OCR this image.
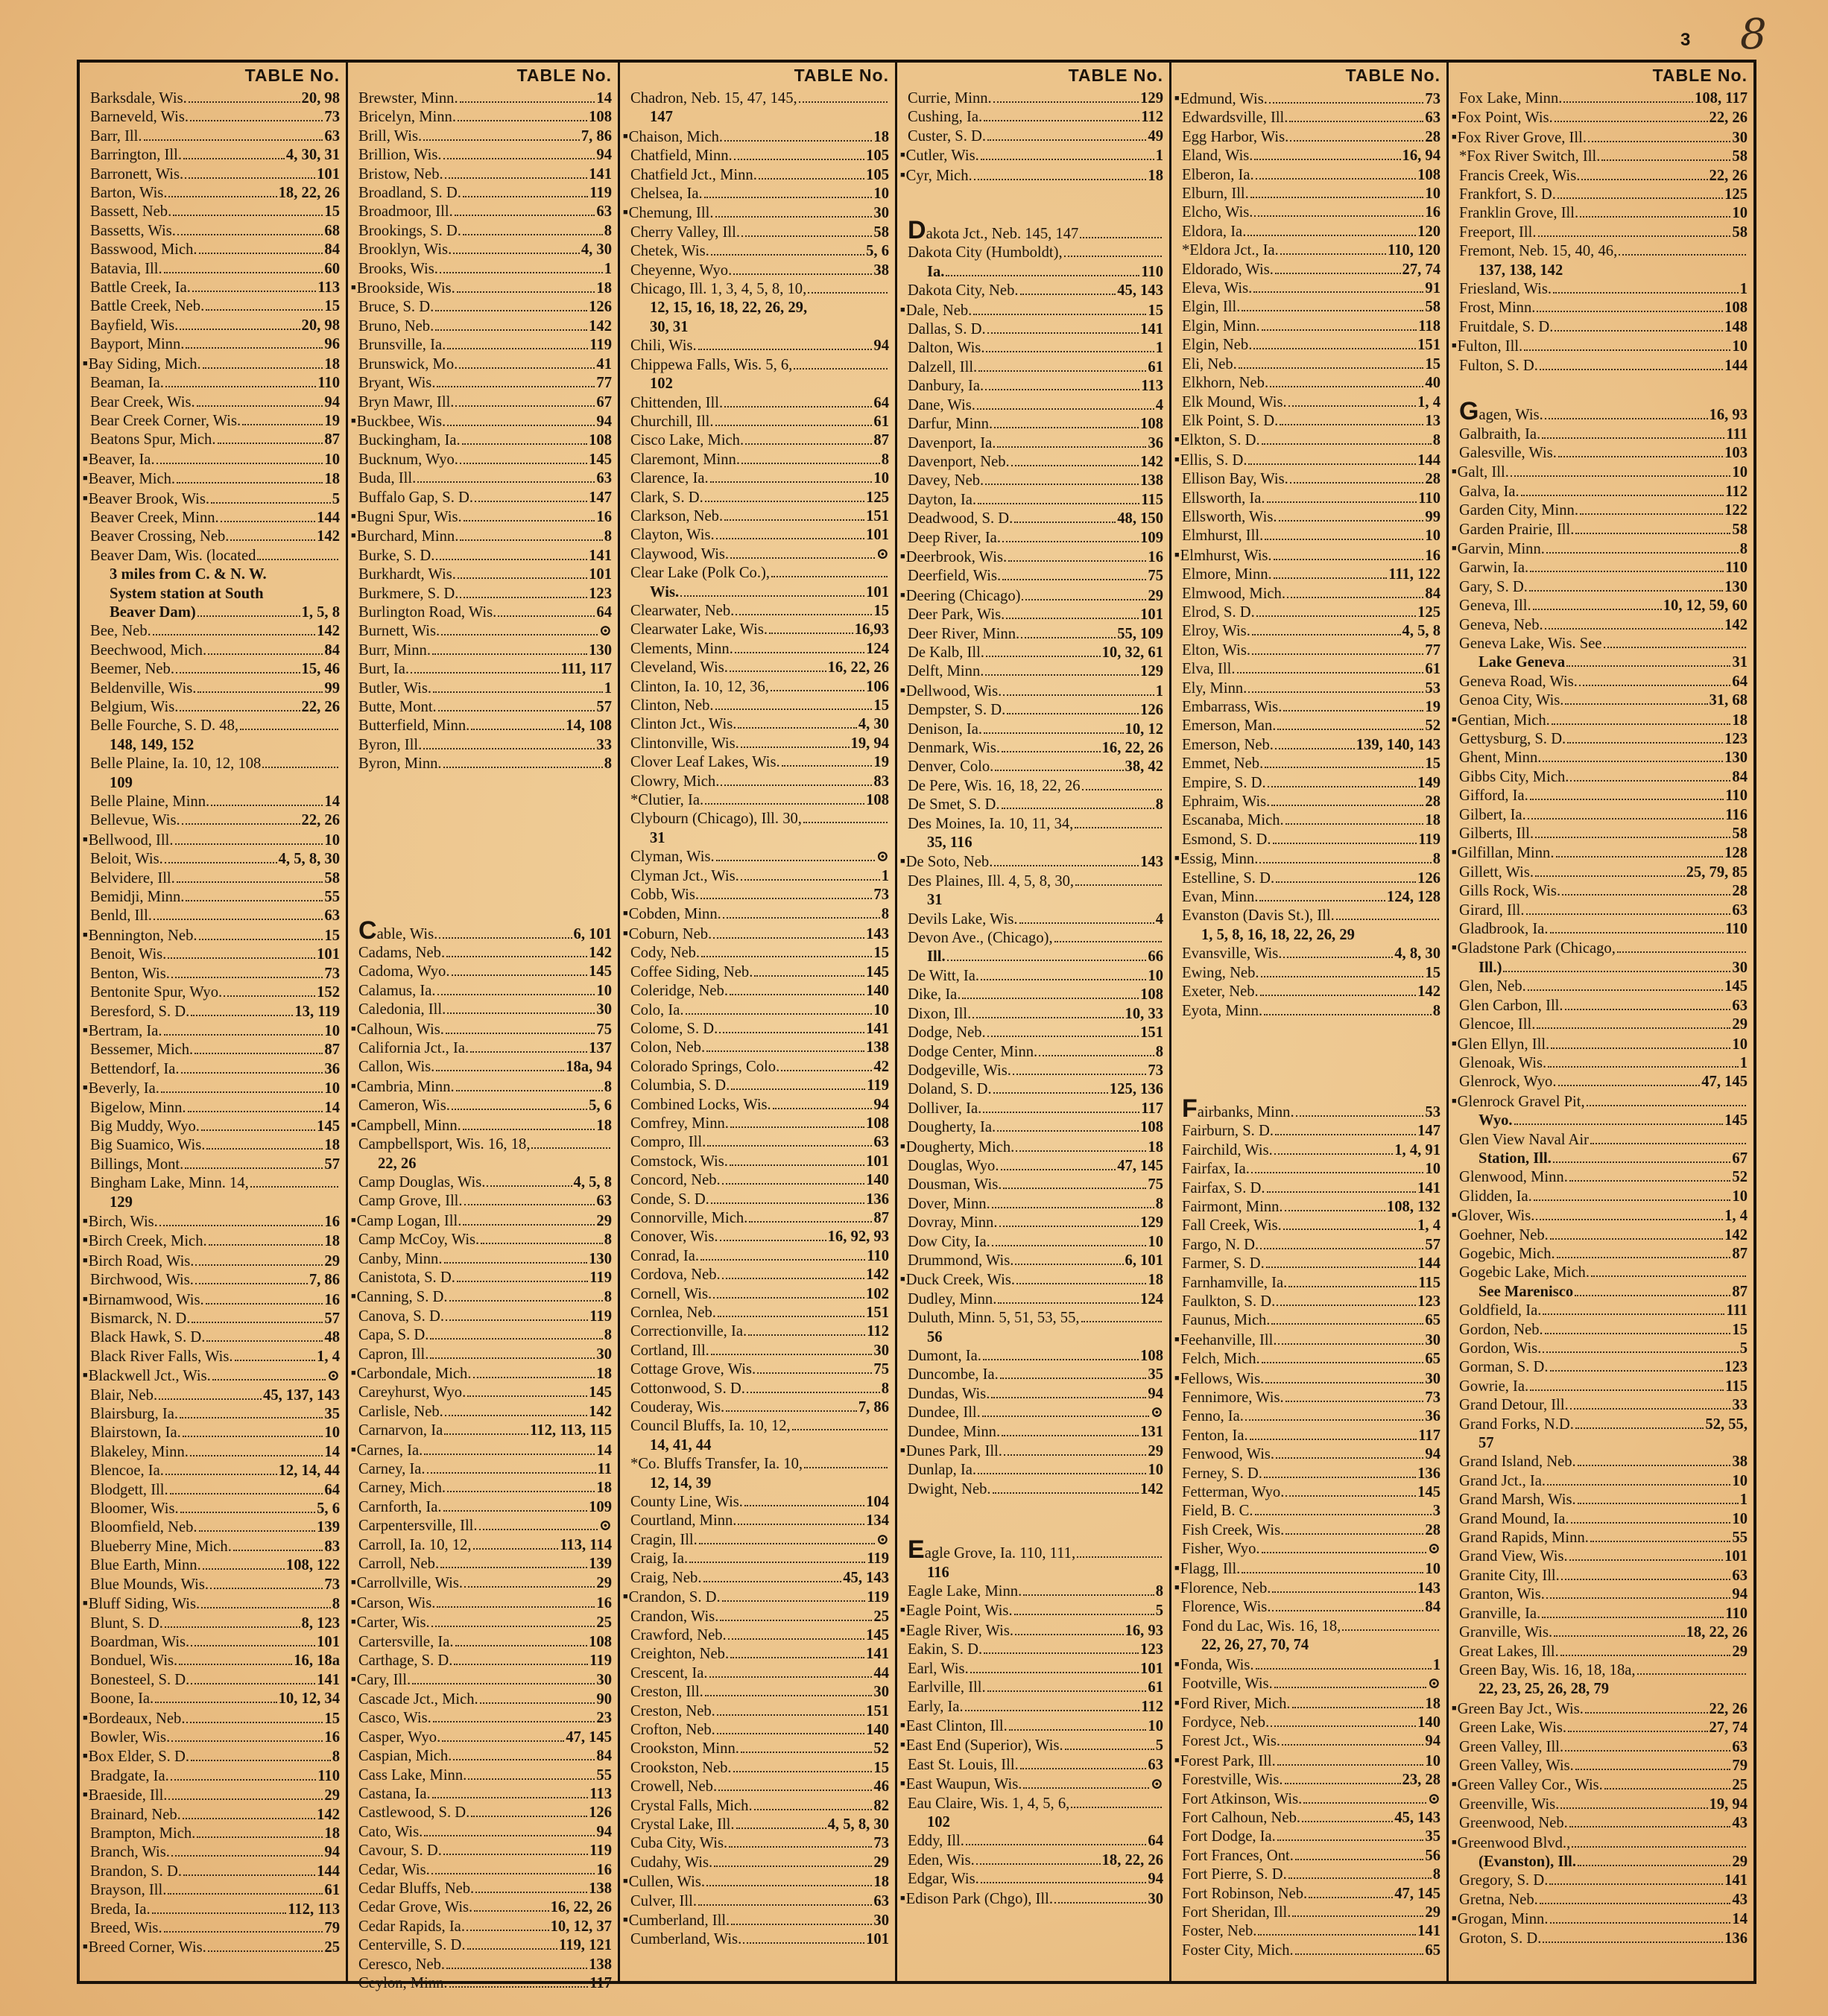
3 8
TABLE No.
Barksdale, Wis.	20, 98
Barneveld, Wis.	73
Barr, Ill.	63
Barrington, Ill.	4, 30, 31
Barronett, Wis.	101
Barton, Wis.	18, 22, 26
Bassett, Neb.	15
Bassetts, Wis.	68
Basswood, Mich.	84
Batavia, Ill.	60
Battle Creek, Ia.	113
Battle Creek, Neb.	15
Bayfield, Wis.	20, 98
Bayport, Minn.	96
■ Bay Siding, Mich.	18
Beaman, Ia.	110
Bear Creek, Wis.	94
Bear Creek Corner, Wis.	19
Beatons Spur, Mich.	87
■ Beaver, Ia.	10
■ Beaver, Mich.	18
■ Beaver Brook, Wis.	5
Beaver Creek, Minn.	144
Beaver Crossing, Neb.	142
Beaver Dam, Wis. (located
3 miles from C. & N. W.
System station at South
Beaver Dam)	1, 5, 8
Bee, Neb.	142
Beechwood, Mich.	84
Beemer, Neb.	15, 46
Beldenville, Wis.	99
Belgium, Wis.	22, 26
Belle Fourche, S. D. 48,
148, 149, 152
Belle Plaine, Ia. 10, 12, 108
109
Belle Plaine, Minn.	14
Bellevue, Wis.	22, 26
■ Bellwood, Ill.	10
Beloit, Wis.	4, 5, 8, 30
Belvidere, Ill.	58
Bemidji, Minn.	55
Benld, Ill.	63
■ Bennington, Neb.	15
Benoit, Wis.	101
Benton, Wis.	73
Bentonite Spur, Wyo.	152
Beresford, S. D.	13, 119
■ Bertram, Ia.	10
Bessemer, Mich.	87
Bettendorf, Ia.	36
■ Beverly, Ia.	10
Bigelow, Minn.	14
Big Muddy, Wyo.	145
Big Suamico, Wis.	18
Billings, Mont.	57
Bingham Lake, Minn. 14,
129
■ Birch, Wis.	16
■ Birch Creek, Mich.	18
■ Birch Road, Wis.	29
Birchwood, Wis.	7, 86
■ Birnamwood, Wis.	16
Bismarck, N. D.	57
Black Hawk, S. D.	48
Black River Falls, Wis.	1, 4
■ Blackwell Jct., Wis.	⊙
Blair, Neb.	45, 137, 143
Blairsburg, Ia.	35
Blairstown, Ia.	10
Blakeley, Minn.	14
Blencoe, Ia.	12, 14, 44
Blodgett, Ill.	64
Bloomer, Wis.	5, 6
Bloomfield, Neb.	139
Blueberry Mine, Mich.	83
Blue Earth, Minn.	108, 122
Blue Mounds, Wis.	73
■ Bluff Siding, Wis.	8
Blunt, S. D.	8, 123
Boardman, Wis.	101
Bonduel, Wis.	16, 18a
Bonesteel, S. D.	141
Boone, Ia.	10, 12, 34
■ Bordeaux, Neb.	15
Bowler, Wis.	16
■ Box Elder, S. D.	8
Bradgate, Ia.	110
■ Braeside, Ill.	29
Brainard, Neb.	142
Brampton, Mich.	18
Branch, Wis.	94
Brandon, S. D.	144
Brayson, Ill.	61
Breda, Ia.	112, 113
Breed, Wis.	79
■ Breed Corner, Wis.	25
TABLE No.
Brewster, Minn.	14
Bricelyn, Minn.	108
Brill, Wis.	7, 86
Brillion, Wis.	94
Bristow, Neb.	141
Broadland, S. D.	119
Broadmoor, Ill.	63
Brookings, S. D.	8
Brooklyn, Wis.	4, 30
Brooks, Wis.	1
■ Brookside, Wis.	18
Bruce, S. D.	126
Bruno, Neb.	142
Brunsville, Ia.	119
Brunswick, Mo.	41
Bryant, Wis.	77
Bryn Mawr, Ill.	67
■ Buckbee, Wis.	94
Buckingham, Ia.	108
Bucknum, Wyo.	145
Buda, Ill.	63
Buffalo Gap, S. D.	147
■ Bugni Spur, Wis.	16
■ Burchard, Minn.	8
Burke, S. D.	141
Burkhardt, Wis.	101
Burkmere, S. D.	123
Burlington Road, Wis.	64
Burnett, Wis.	⊙
Burr, Minn.	130
Burt, Ia.	111, 117
Butler, Wis.	1
Butte, Mont.	57
Butterfield, Minn.	14, 108
Byron, Ill.	33
Byron, Minn.	8
Cable, Wis.	6, 101
Cadams, Neb.	142
Cadoma, Wyo.	145
Calamus, Ia.	10
Caledonia, Ill.	30
■ Calhoun, Wis.	75
California Jct., Ia.	137
Callon, Wis.	18a, 94
■ Cambria, Minn.	8
Cameron, Wis.	5, 6
■ Campbell, Minn.	18
Campbellsport, Wis. 16, 18,
22, 26
Camp Douglas, Wis.	4, 5, 8
Camp Grove, Ill.	63
■ Camp Logan, Ill.	29
Camp McCoy, Wis.	8
Canby, Minn.	130
Canistota, S. D.	119
■ Canning, S. D.	8
Canova, S. D.	119
Capa, S. D.	8
Capron, Ill.	30
■ Carbondale, Mich.	18
Careyhurst, Wyo.	145
Carlisle, Neb.	142
Carnarvon, Ia	112, 113, 115
■ Carnes, Ia.	14
Carney, Ia.	11
Carney, Mich.	18
Carnforth, Ia.	109
Carpentersville, Ill.	⊙
Carroll, Ia. 10, 12,	113, 114
Carroll, Neb.	139
■ Carrollville, Wis.	29
■ Carson, Wis.	16
■ Carter, Wis.	25
Cartersville, Ia.	108
Carthage, S. D.	119
■ Cary, Ill.	30
Cascade Jct., Mich.	90
Casco, Wis.	23
Casper, Wyo.	47, 145
Caspian, Mich.	84
Cass Lake, Minn.	55
Castana, Ia.	113
Castlewood, S. D.	126
Cato, Wis.	94
Cavour, S. D.	119
Cedar, Wis.	16
Cedar Bluffs, Neb.	138
Cedar Grove, Wis.	16, 22, 26
Cedar Rapids, Ia.	10, 12, 37
Centerville, S. D.	119, 121
Ceresco, Neb.	138
Ceylon, Minn.	117
TABLE No.
Chadron, Neb. 15, 47, 145,
147
■ Chaison, Mich.	18
Chatfield, Minn.	105
Chatfield Jct., Minn.	105
Chelsea, Ia.	10
■ Chemung, Ill.	30
Cherry Valley, Ill.	58
Chetek, Wis.	5, 6
Cheyenne, Wyo.	38
Chicago, Ill. 1, 3, 4, 5, 8, 10,
12, 15, 16, 18, 22, 26, 29,
30, 31
Chili, Wis.	94
Chippewa Falls, Wis. 5, 6,
102
Chittenden, Ill.	64
Churchill, Ill.	61
Cisco Lake, Mich.	87
Claremont, Minn.	8
Clarence, Ia.	10
Clark, S. D.	125
Clarkson, Neb.	151
Clayton, Wis.	101
Claywood, Wis.	⊙
Clear Lake (Polk Co.),
Wis.	101
Clearwater, Neb.	15
Clearwater Lake, Wis.	16,93
Clements, Minn.	124
Cleveland, Wis.	16, 22, 26
Clinton, Ia. 10, 12, 36,	106
Clinton, Neb.	15
Clinton Jct., Wis.	4, 30
Clintonville, Wis.	19, 94
Clover Leaf Lakes, Wis.	19
Clowry, Mich.	83
*Clutier, Ia.	108
Clybourn (Chicago), Ill. 30,
31
Clyman, Wis.	⊙
Clyman Jct., Wis.	1
Cobb, Wis.	73
■ Cobden, Minn.	8
■ Coburn, Neb.	143
Cody, Neb.	15
Coffee Siding, Neb.	145
Coleridge, Neb.	140
Colo, Ia.	10
Colome, S. D.	141
Colon, Neb.	138
Colorado Springs, Colo.	42
Columbia, S. D.	119
Combined Locks, Wis.	94
Comfrey, Minn.	108
Compro, Ill.	63
Comstock, Wis.	101
Concord, Neb.	140
Conde, S. D.	136
Connorville, Mich.	87
Conover, Wis.	16, 92, 93
Conrad, Ia.	110
Cordova, Neb.	142
Cornell, Wis.	102
Cornlea, Neb.	151
Correctionville, Ia.	112
Cortland, Ill.	30
Cottage Grove, Wis.	75
Cottonwood, S. D.	8
Couderay, Wis.	7, 86
Council Bluffs, Ia. 10, 12,
14, 41, 44
*Co. Bluffs Transfer, Ia. 10,
12, 14, 39
County Line, Wis.	104
Courtland, Minn.	134
Cragin, Ill.	⊙
Craig, Ia.	119
Craig, Neb.	45, 143
■ Crandon, S. D.	119
Crandon, Wis.	25
Crawford, Neb.	145
Creighton, Neb.	141
Crescent, Ia.	44
Creston, Ill.	30
Creston, Neb.	151
Crofton, Neb.	140
Crookston, Minn.	52
Crookston, Neb.	15
Crowell, Neb.	46
Crystal Falls, Mich.	82
Crystal Lake, Ill.	4, 5, 8, 30
Cuba City, Wis.	73
Cudahy, Wis.	29
■ Cullen, Wis.	18
Culver, Ill.	63
■ Cumberland, Ill.	30
Cumberland, Wis.	101
TABLE No.
Currie, Minn.	129
Cushing, Ia.	112
Custer, S. D.	49
■ Cutler, Wis.	1
■ Cyr, Mich.	18
Dakota Jct., Neb. 145, 147
Dakota City (Humboldt),
Ia.	110
Dakota City, Neb.	45, 143
■ Dale, Neb.	15
Dallas, S. D.	141
Dalton, Wis.	1
Dalzell, Ill.	61
Danbury, Ia.	113
Dane, Wis.	4
Darfur, Minn.	108
Davenport, Ia.	36
Davenport, Neb.	142
Davey, Neb.	138
Dayton, Ia.	115
Deadwood, S. D.	48, 150
Deep River, Ia.	109
■ Deerbrook, Wis.	16
Deerfield, Wis.	75
■ Deering (Chicago)	29
Deer Park, Wis.	101
Deer River, Minn.	55, 109
De Kalb, Ill.	10, 32, 61
Delft, Minn.	129
■ Dellwood, Wis.	1
Dempster, S. D.	126
Denison, Ia.	10, 12
Denmark, Wis.	16, 22, 26
Denver, Colo.	38, 42
De Pere, Wis. 16, 18, 22, 26
De Smet, S. D.	8
Des Moines, Ia. 10, 11, 34,
35, 116
■ De Soto, Neb.	143
Des Plaines, Ill. 4, 5, 8, 30,
31
Devils Lake, Wis.	4
Devon Ave., (Chicago),
Ill.	66
De Witt, Ia.	10
Dike, Ia.	108
Dixon, Ill.	10, 33
Dodge, Neb.	151
Dodge Center, Minn.	8
Dodgeville, Wis.	73
Doland, S. D.	125, 136
Dolliver, Ia.	117
Dougherty, Ia.	108
■ Dougherty, Mich.	18
Douglas, Wyo.	47, 145
Dousman, Wis.	75
Dover, Minn.	8
Dovray, Minn.	129
Dow City, Ia.	10
Drummond, Wis.	6, 101
■ Duck Creek, Wis.	18
Dudley, Minn.	124
Duluth, Minn. 5, 51, 53, 55,
56
Dumont, Ia.	108
Duncombe, Ia.	35
Dundas, Wis.	94
Dundee, Ill.	⊙
Dundee, Minn.	131
■ Dunes Park, Ill.	29
Dunlap, Ia.	10
Dwight, Neb.	142
Eagle Grove, Ia. 110, 111,
116
Eagle Lake, Minn.	8
■ Eagle Point, Wis.	5
■ Eagle River, Wis.	16, 93
Eakin, S. D.	123
Earl, Wis.	101
Earlville, Ill.	61
Early, Ia.	112
■ East Clinton, Ill.	10
■ East End (Superior), Wis.	5
East St. Louis, Ill.	63
■ East Waupun, Wis.	⊙
Eau Claire, Wis. 1, 4, 5, 6,
102
Eddy, Ill.	64
Eden, Wis.	18, 22, 26
Edgar, Wis.	94
■ Edison Park (Chgo), Ill.	30
TABLE No.
■ Edmund, Wis.	73
Edwardsville, Ill.	63
Egg Harbor, Wis.	28
Eland, Wis.	16, 94
Elberon, Ia.	108
Elburn, Ill.	10
Elcho, Wis.	16
Eldora, Ia.	120
*Eldora Jct., Ia.	110, 120
Eldorado, Wis.	27, 74
Eleva, Wis.	91
Elgin, Ill.	58
Elgin, Minn.	118
Elgin, Neb.	151
Eli, Neb.	15
Elkhorn, Neb.	40
Elk Mound, Wis.	1, 4
Elk Point, S. D.	13
■ Elkton, S. D.	8
■ Ellis, S. D.	144
Ellison Bay, Wis.	28
Ellsworth, Ia.	110
Ellsworth, Wis.	99
Elmhurst, Ill.	10
■ Elmhurst, Wis.	16
Elmore, Minn.	111, 122
Elmwood, Mich.	84
Elrod, S. D.	125
Elroy, Wis.	4, 5, 8
Elton, Wis.	77
Elva, Ill.	61
Ely, Minn.	53
Embarrass, Wis.	19
Emerson, Man.	52
Emerson, Neb.	139, 140, 143
Emmet, Neb.	15
Empire, S. D.	149
Ephraim, Wis.	28
Escanaba, Mich.	18
Esmond, S. D.	119
■ Essig, Minn.	8
Estelline, S. D.	126
Evan, Minn.	124, 128
Evanston (Davis St.), Ill.
1, 5, 8, 16, 18, 22, 26, 29
Evansville, Wis.	4, 8, 30
Ewing, Neb.	15
Exeter, Neb.	142
Eyota, Minn.	8
Fairbanks, Minn.	53
Fairburn, S. D.	147
Fairchild, Wis.	1, 4, 91
Fairfax, Ia.	10
Fairfax, S. D.	141
Fairmont, Minn.	108, 132
Fall Creek, Wis.	1, 4
Fargo, N. D.	57
Farmer, S. D.	144
Farnhamville, Ia.	115
Faulkton, S. D.	123
Faunus, Mich.	65
■ Feehanville, Ill.	30
Felch, Mich.	65
■ Fellows, Wis.	30
Fennimore, Wis.	73
Fenno, Ia.	36
Fenton, Ia.	117
Fenwood, Wis.	94
Ferney, S. D.	136
Fetterman, Wyo.	145
Field, B. C.	3
Fish Creek, Wis.	28
Fisher, Wyo.	⊙
■ Flagg, Ill.	10
■ Florence, Neb.	143
Florence, Wis.	84
Fond du Lac, Wis. 16, 18,
22, 26, 27, 70, 74
■ Fonda, Wis.	1
Footville, Wis.	⊙
■ Ford River, Mich.	18
Fordyce, Neb.	140
Forest Jct., Wis.	94
■ Forest Park, Ill.	10
Forestville, Wis.	23, 28
Fort Atkinson, Wis.	⊙
Fort Calhoun, Neb.	45, 143
Fort Dodge, Ia.	35
Fort Frances, Ont.	56
Fort Pierre, S. D.	8
Fort Robinson, Neb.	47, 145
Fort Sheridan, Ill.	29
Foster, Neb.	141
Foster City, Mich.	65
TABLE No.
Fox Lake, Minn.	108, 117
■ Fox Point, Wis.	22, 26
■ Fox River Grove, Ill.	30
*Fox River Switch, Ill.	58
Francis Creek, Wis.	22, 26
Frankfort, S. D.	125
Franklin Grove, Ill.	10
Freeport, Ill.	58
Fremont, Neb. 15, 40, 46,
137, 138, 142
Friesland, Wis.	1
Frost, Minn.	108
Fruitdale, S. D.	148
■ Fulton, Ill.	10
Fulton, S. D.	144
Gagen, Wis.	16, 93
Galbraith, Ia.	111
Galesville, Wis.	103
■ Galt, Ill.	10
Galva, Ia.	112
Garden City, Minn.	122
Garden Prairie, Ill.	58
■ Garvin, Minn.	8
Garwin, Ia.	110
Gary, S. D.	130
Geneva, Ill.	10, 12, 59, 60
Geneva, Neb.	142
Geneva Lake, Wis. See
Lake Geneva	31
Geneva Road, Wis.	64
Genoa City, Wis.	31, 68
■ Gentian, Mich.	18
Gettysburg, S. D.	123
Ghent, Minn.	130
Gibbs City, Mich.	84
Gifford, Ia.	110
Gilbert, Ia.	116
Gilberts, Ill.	58
■ Gilfillan, Minn.	128
Gillett, Wis.	25, 79, 85
Gills Rock, Wis.	28
Girard, Ill.	63
Gladbrook, Ia.	110
■ Gladstone Park (Chicago,
Ill.)	30
Glen, Neb.	145
Glen Carbon, Ill.	63
Glencoe, Ill.	29
■ Glen Ellyn, Ill.	10
Glenoak, Wis.	1
Glenrock, Wyo.	47, 145
■ Glenrock Gravel Pit,
Wyo.	145
Glen View Naval Air
Station, Ill.	67
Glenwood, Minn.	52
Glidden, Ia.	10
■ Glover, Wis.	1, 4
Goehner, Neb.	142
Gogebic, Mich.	87
Gogebic Lake, Mich.
See Marenisco	87
Goldfield, Ia.	111
Gordon, Neb.	15
Gordon, Wis.	5
Gorman, S. D.	123
Gowrie, Ia.	115
Grand Detour, Ill.	33
Grand Forks, N.D.	52, 55,
57
Grand Island, Neb.	38
Grand Jct., Ia.	10
Grand Marsh, Wis.	1
Grand Mound, Ia.	10
Grand Rapids, Minn.	55
Grand View, Wis.	101
Granite City, Ill.	63
Granton, Wis.	94
Granville, Ia.	110
Granville, Wis.	18, 22, 26
Great Lakes, Ill.	29
Green Bay, Wis. 16, 18, 18a,
22, 23, 25, 26, 28, 79
■ Green Bay Jct., Wis.	22, 26
Green Lake, Wis.	27, 74
Green Valley, Ill.	63
Green Valley, Wis.	79
■ Green Valley Cor., Wis.	25
Greenville, Wis.	19, 94
Greenwood, Neb.	43
■ Greenwood Blvd.,
(Evanston), Ill.	29
Gregory, S. D.	141
Gretna, Neb.	43
■ Grogan, Minn.	14
Groton, S. D.	136
